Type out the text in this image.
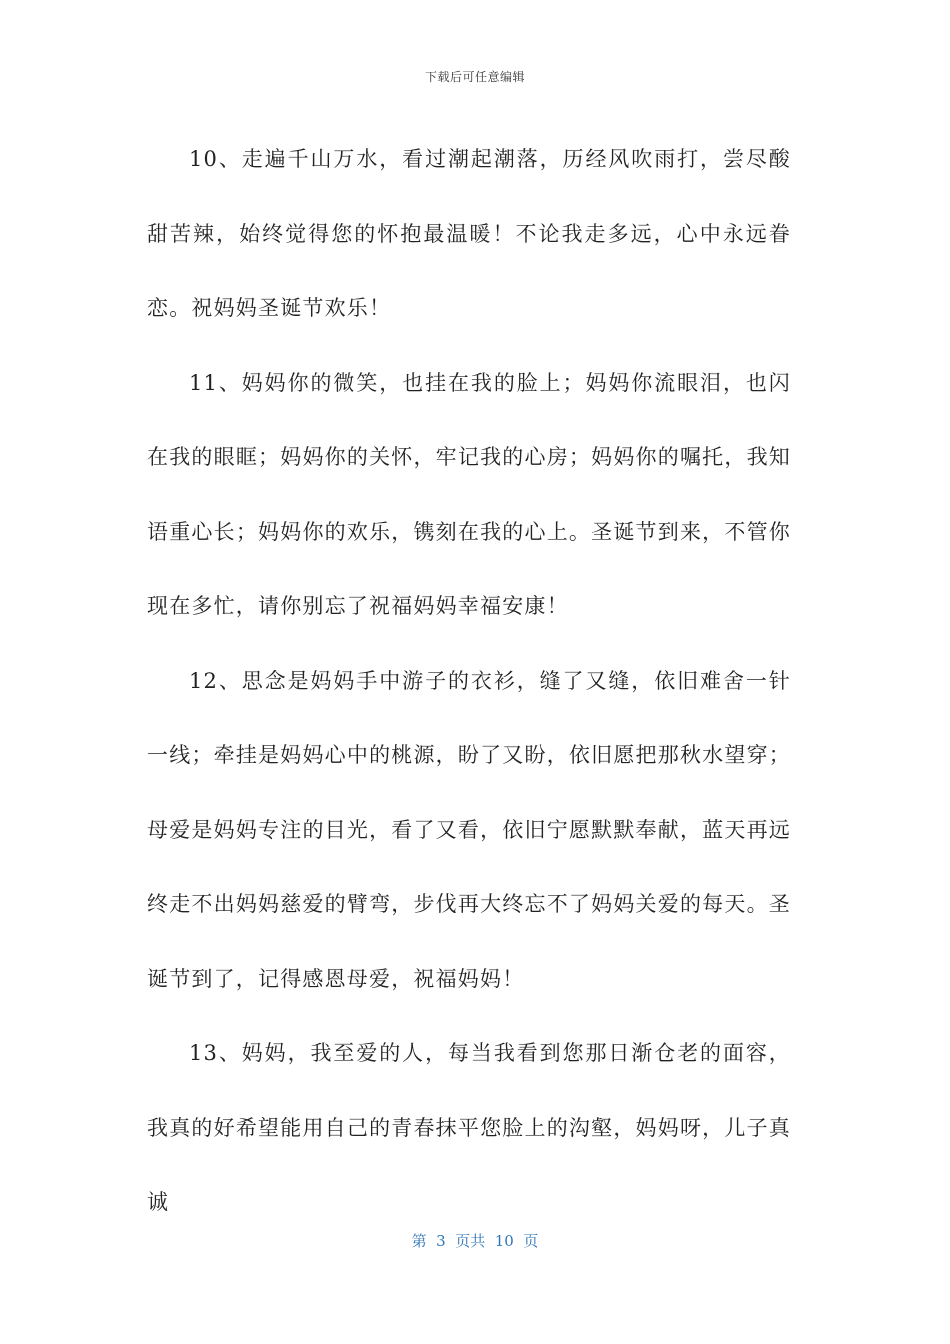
下载后可任意编辑

10、走遍千山万水，看过潮起潮落，历经风吹雨打，尝尽酸甜苦辣，始终觉得您的怀抱最温暖！不论我走多远，心中永远眷恋。祝妈妈圣诞节欢乐！

11、妈妈你的微笑，也挂在我的脸上；妈妈你流眼泪，也闪在我的眼眶；妈妈你的关怀，牢记我的心房；妈妈你的嘱托，我知语重心长；妈妈你的欢乐，镌刻在我的心上。圣诞节到来，不管你现在多忙，请你别忘了祝福妈妈幸福安康！

12、思念是妈妈手中游子的衣衫，缝了又缝，依旧难舍一针一线；牵挂是妈妈心中的桃源，盼了又盼，依旧愿把那秋水望穿；母爱是妈妈专注的目光，看了又看，依旧宁愿默默奉献，蓝天再远终走不出妈妈慈爱的臂弯，步伐再大终忘不了妈妈关爱的每天。圣诞节到了，记得感恩母爱，祝福妈妈！

13、妈妈，我至爱的人，每当我看到您那日渐仓老的面容，我真的好希望能用自己的青春抹平您脸上的沟壑，妈妈呀，儿子真诚

第  3  页共  10  页
